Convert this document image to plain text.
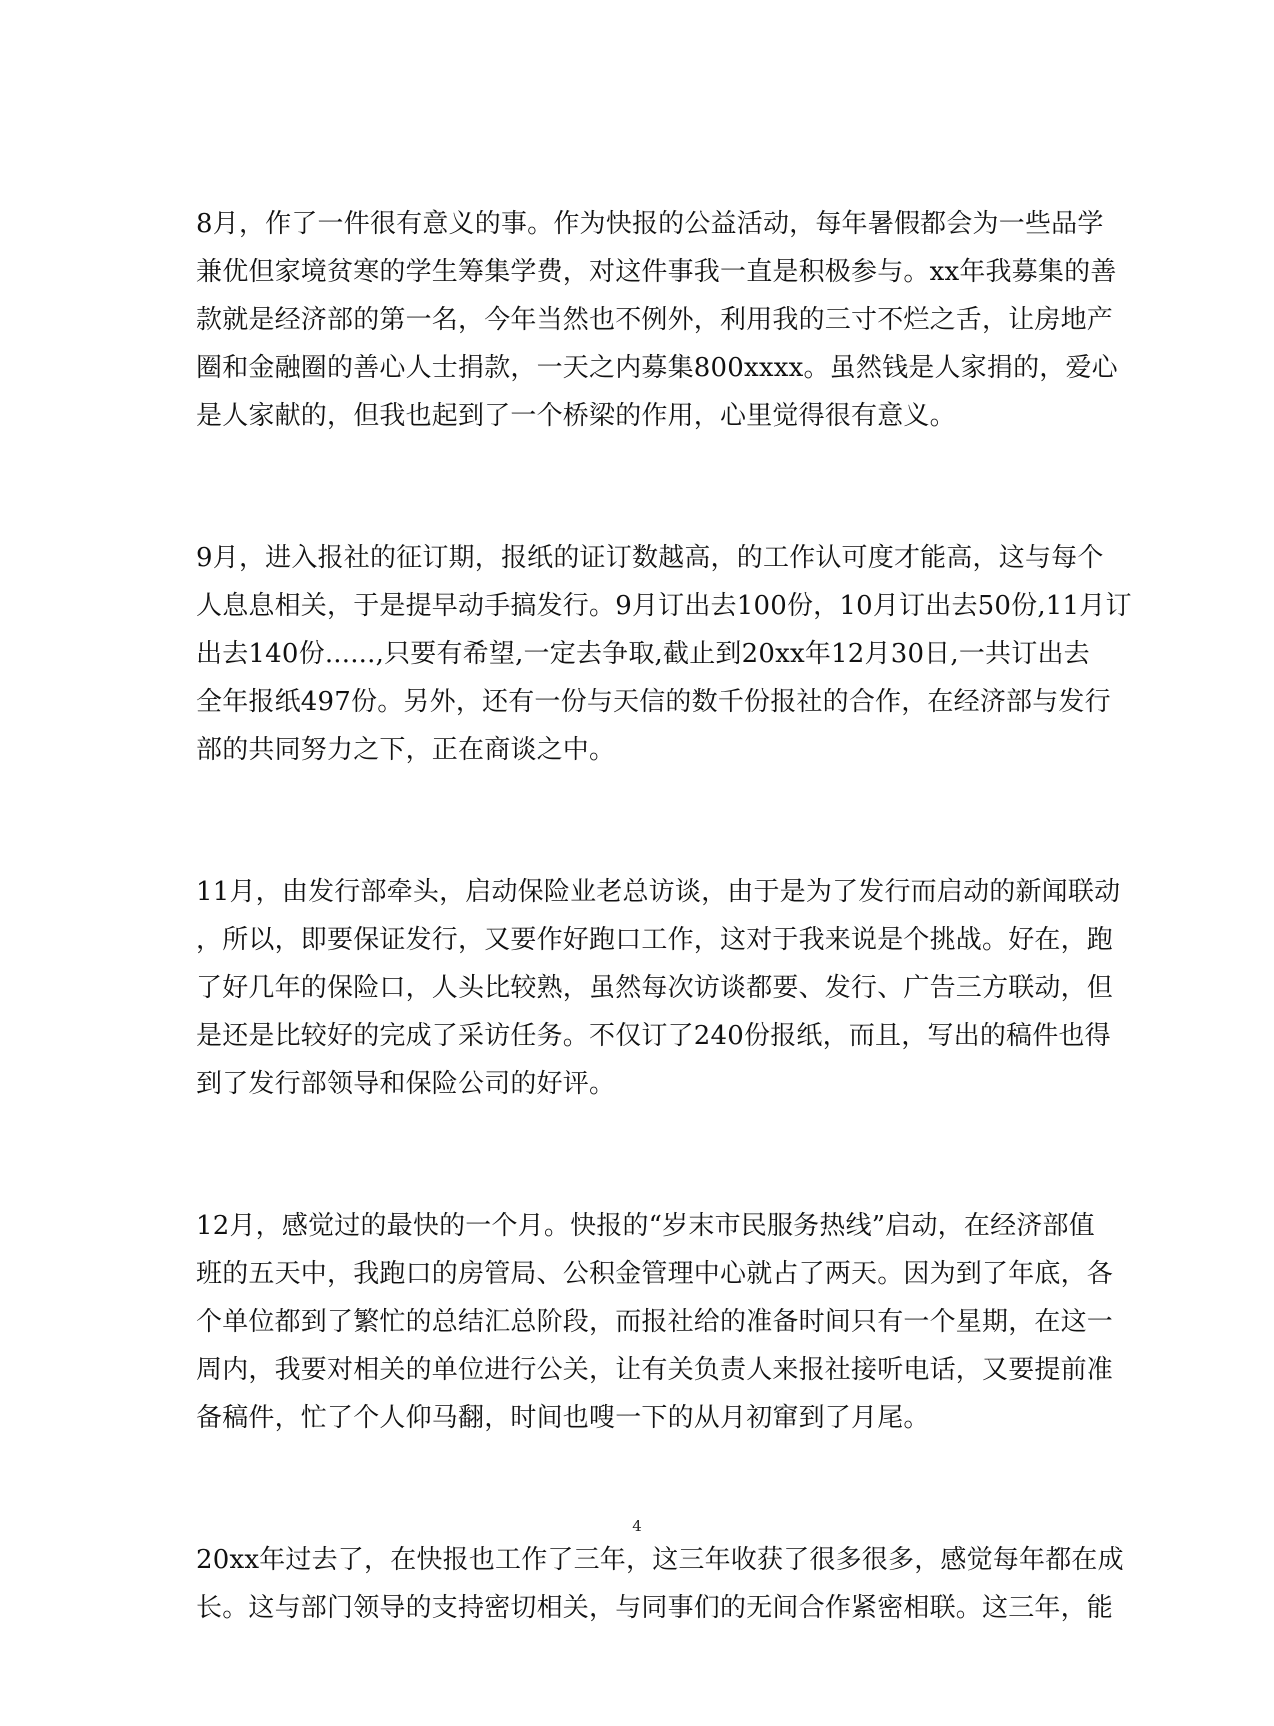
8月，作了一件很有意义的事。作为快报的公益活动，每年暑假都会为一些品学
兼优但家境贫寒的学生筹集学费，对这件事我一直是积极参与。xx年我募集的善
款就是经济部的第一名，今年当然也不例外，利用我的三寸不烂之舌，让房地产
圈和金融圈的善心人士捐款，一天之内募集800xxxx。虽然钱是人家捐的，爱心
是人家献的，但我也起到了一个桥梁的作用，心里觉得很有意义。
9月，进入报社的征订期，报纸的证订数越高，的工作认可度才能高，这与每个
人息息相关，于是提早动手搞发行。9月订出去100份，10月订出去50份,11月订
出去140份......,只要有希望,一定去争取,截止到20xx年12月30日,一共订出去
全年报纸497份。另外，还有一份与天信的数千份报社的合作，在经济部与发行
部的共同努力之下，正在商谈之中。
11月，由发行部牵头，启动保险业老总访谈，由于是为了发行而启动的新闻联动
，所以，即要保证发行，又要作好跑口工作，这对于我来说是个挑战。好在，跑
了好几年的保险口，人头比较熟，虽然每次访谈都要、发行、广告三方联动，但
是还是比较好的完成了采访任务。不仅订了240份报纸，而且，写出的稿件也得
到了发行部领导和保险公司的好评。
12月，感觉过的最快的一个月。快报的“岁末市民服务热线”启动，在经济部值
班的五天中，我跑口的房管局、公积金管理中心就占了两天。因为到了年底，各
个单位都到了繁忙的总结汇总阶段，而报社给的准备时间只有一个星期，在这一
周内，我要对相关的单位进行公关，让有关负责人来报社接听电话，又要提前准
备稿件，忙了个人仰马翻，时间也嗖一下的从月初窜到了月尾。
20xx年过去了，在快报也工作了三年，这三年收获了很多很多，感觉每年都在成
长。这与部门领导的支持密切相关，与同事们的无间合作紧密相联。这三年，能
4
